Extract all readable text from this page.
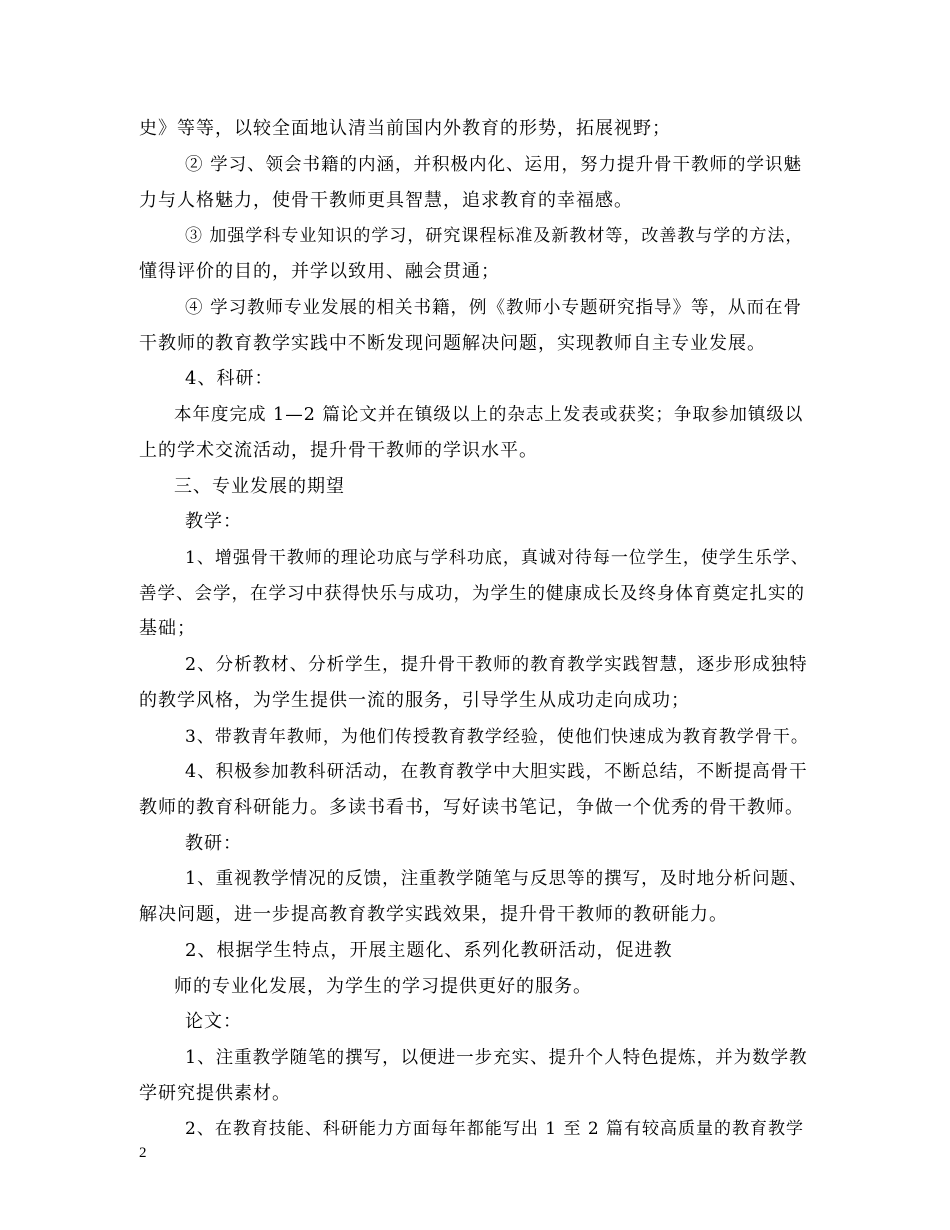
史》等等，以较全面地认清当前国内外教育的形势，拓展视野；
② 学习、领会书籍的内涵，并积极内化、运用，努力提升骨干教师的学识魅
力与人格魅力，使骨干教师更具智慧，追求教育的幸福感。
③ 加强学科专业知识的学习，研究课程标准及新教材等，改善教与学的方法，
懂得评价的目的，并学以致用、融会贯通；
④ 学习教师专业发展的相关书籍，例《教师小专题研究指导》等，从而在骨
干教师的教育教学实践中不断发现问题解决问题，实现教师自主专业发展。
4、科研：
本年度完成 1—2 篇论文并在镇级以上的杂志上发表或获奖；争取参加镇级以
上的学术交流活动，提升骨干教师的学识水平。
三、专业发展的期望
教学：
1、增强骨干教师的理论功底与学科功底，真诚对待每一位学生，使学生乐学、
善学、会学，在学习中获得快乐与成功，为学生的健康成长及终身体育奠定扎实的
基础；
2、分析教材、分析学生，提升骨干教师的教育教学实践智慧，逐步形成独特
的教学风格，为学生提供一流的服务，引导学生从成功走向成功；
3、带教青年教师，为他们传授教育教学经验，使他们快速成为教育教学骨干。
4、积极参加教科研活动，在教育教学中大胆实践，不断总结，不断提高骨干
教师的教育科研能力。多读书看书，写好读书笔记，争做一个优秀的骨干教师。
教研：
1、重视教学情况的反馈，注重教学随笔与反思等的撰写，及时地分析问题、
解决问题，进一步提高教育教学实践效果，提升骨干教师的教研能力。
2、根据学生特点，开展主题化、系列化教研活动，促进教
师的专业化发展，为学生的学习提供更好的服务。
论文：
1、注重教学随笔的撰写，以便进一步充实、提升个人特色提炼，并为数学教
学研究提供素材。
2、在教育技能、科研能力方面每年都能写出 1 至 2 篇有较高质量的教育教学
2
